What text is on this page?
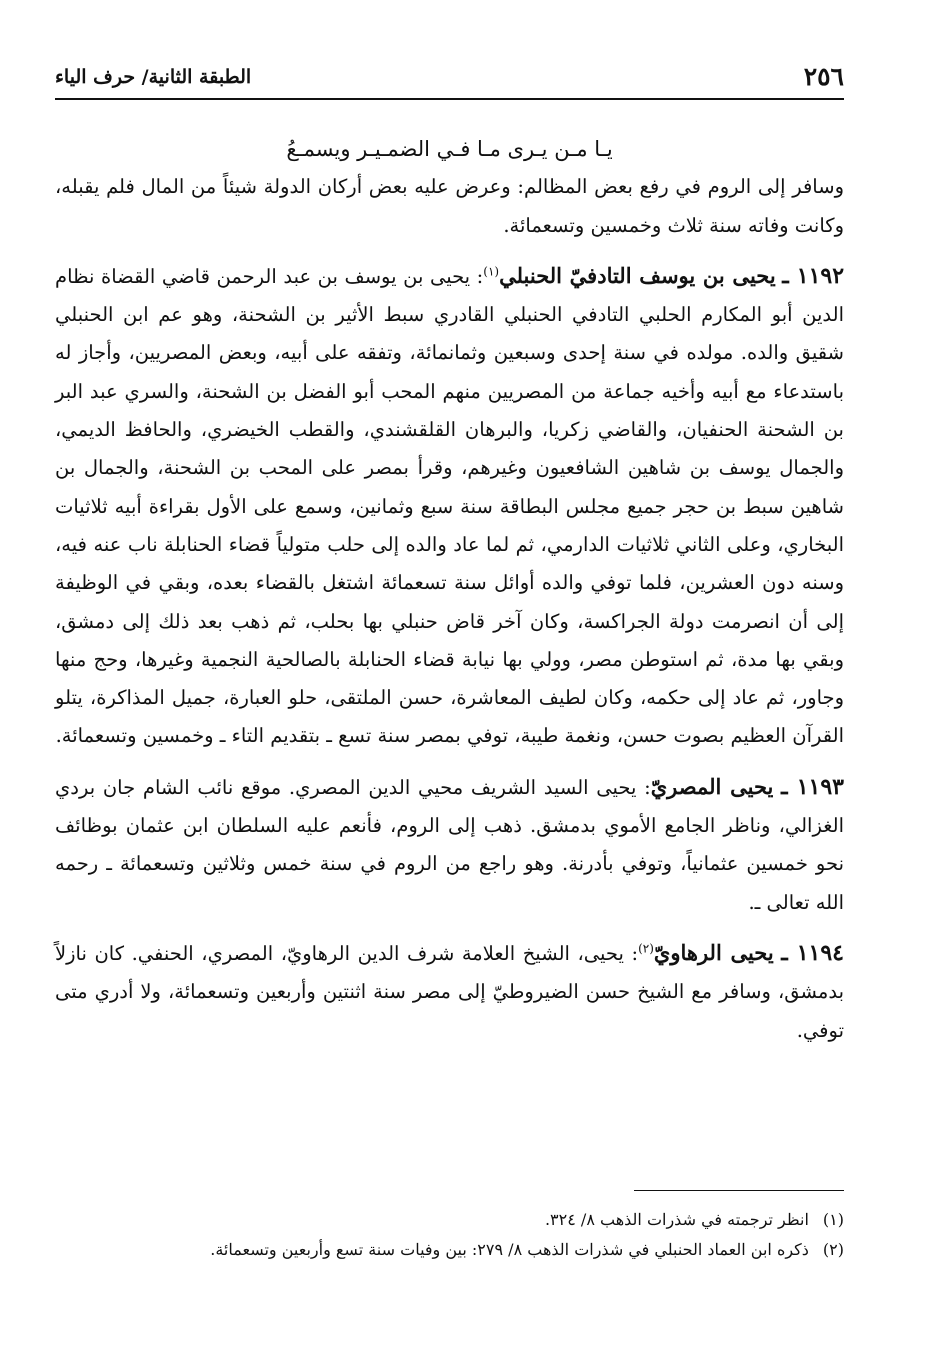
٢٥٦
الطبقة الثانية/ حرف الياء

يـا مـن يـرى مـا فـي الضمـيـر ويسمـعُ

وسافر إلى الروم في رفع بعض المظالم: وعرض عليه بعض أركان الدولة شيئاً من المال فلم يقبله، وكانت وفاته سنة ثلاث وخمسين وتسعمائة.

١١٩٢ ـ يحيى بن يوسف التادفيّ الحنبلي$^{(١)}$: يحيى بن يوسف بن عبد الرحمن قاضي القضاة نظام الدين أبو المكارم الحلبي التادفي الحنبلي القادري سبط الأثير بن الشحنة، وهو عم ابن الحنبلي شقيق والده. مولده في سنة إحدى وسبعين وثمانمائة، وتفقه على أبيه، وبعض المصريين، وأجاز له باستدعاء مع أبيه وأخيه جماعة من المصريين منهم المحب أبو الفضل بن الشحنة، والسري عبد البر بن الشحنة الحنفيان، والقاضي زكريا، والبرهان القلقشندي، والقطب الخيضري، والحافظ الديمي، والجمال يوسف بن شاهين الشافعيون وغيرهم، وقرأ بمصر على المحب بن الشحنة، والجمال بن شاهين سبط بن حجر جميع مجلس البطاقة سنة سبع وثمانين، وسمع على الأول بقراءة أبيه ثلاثيات البخاري، وعلى الثاني ثلاثيات الدارمي، ثم لما عاد والده إلى حلب متولياً قضاء الحنابلة ناب عنه فيه، وسنه دون العشرين، فلما توفي والده أوائل سنة تسعمائة اشتغل بالقضاء بعده، وبقي في الوظيفة إلى أن انصرمت دولة الجراكسة، وكان آخر قاض حنبلي بها بحلب، ثم ذهب بعد ذلك إلى دمشق، وبقي بها مدة، ثم استوطن مصر، وولي بها نيابة قضاء الحنابلة بالصالحية النجمية وغيرها، وحج منها وجاور، ثم عاد إلى حكمه، وكان لطيف المعاشرة، حسن الملتقى، حلو العبارة، جميل المذاكرة، يتلو القرآن العظيم بصوت حسن، ونغمة طيبة، توفي بمصر سنة تسع ـ بتقديم التاء ـ وخمسين وتسعمائة.

١١٩٣ ـ يحيى المصريّ: يحيى السيد الشريف محيي الدين المصري. موقع نائب الشام جان بردي الغزالي، وناظر الجامع الأموي بدمشق. ذهب إلى الروم، فأنعم عليه السلطان ابن عثمان بوظائف نحو خمسين عثمانياً، وتوفي بأدرنة. وهو راجع من الروم في سنة خمس وثلاثين وتسعمائة ـ رحمه الله تعالى ـ.

١١٩٤ ـ يحيى الرهاويّ$^{(٢)}$: يحيى، الشيخ العلامة شرف الدين الرهاويّ، المصري، الحنفي. كان نازلاً بدمشق، وسافر مع الشيخ حسن الضيروطيّ إلى مصر سنة اثنتين وأربعين وتسعمائة، ولا أدري متى توفي.

(١)
انظر ترجمته في شذرات الذهب ٨/ ٣٢٤.

(٢)
ذكره ابن العماد الحنبلي في شذرات الذهب ٨/ ٢٧٩: بين وفيات سنة تسع وأربعين وتسعمائة.
